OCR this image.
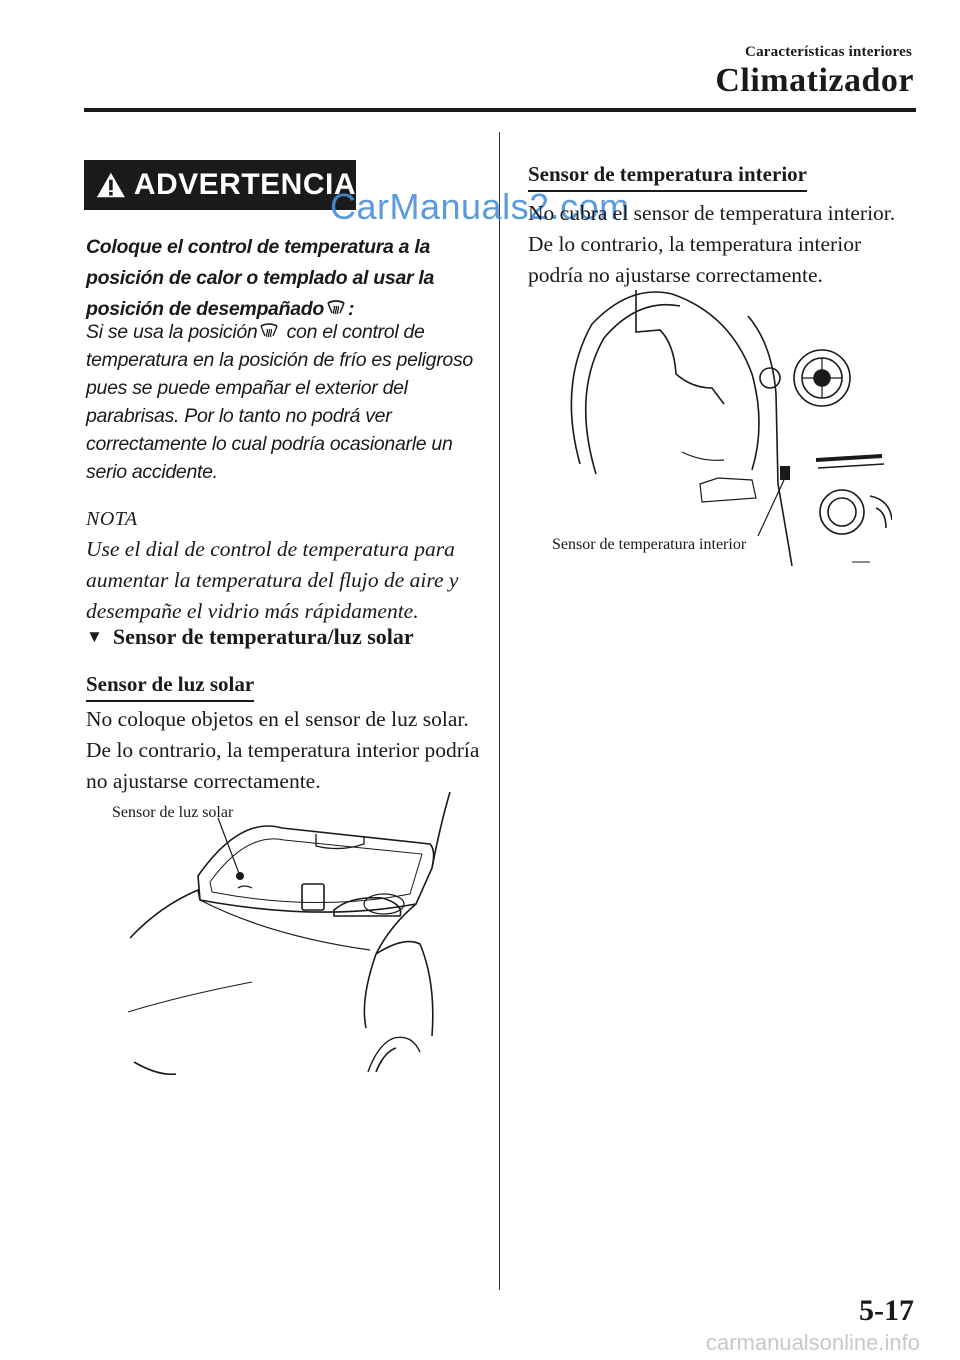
Características interiores
Climatizador
ADVERTENCIA
CarManuals2.com
Coloque el control de temperatura a la posición de calor o templado al usar la posición de desempañado :
Si se usa la posición con el control de temperatura en la posición de frío es peligroso pues se puede empañar el exterior del parabrisas. Por lo tanto no podrá ver correctamente lo cual podría ocasionarle un serio accidente.
NOTA
Use el dial de control de temperatura para aumentar la temperatura del flujo de aire y desempañe el vidrio más rápidamente.
▼ Sensor de temperatura/luz solar
Sensor de luz solar
No coloque objetos en el sensor de luz solar. De lo contrario, la temperatura interior podría no ajustarse correctamente.
Sensor de luz solar
Sensor de temperatura interior
No cubra el sensor de temperatura interior. De lo contrario, la temperatura interior podría no ajustarse correctamente.
Sensor de temperatura interior
5-17
carmanualsonline.info
